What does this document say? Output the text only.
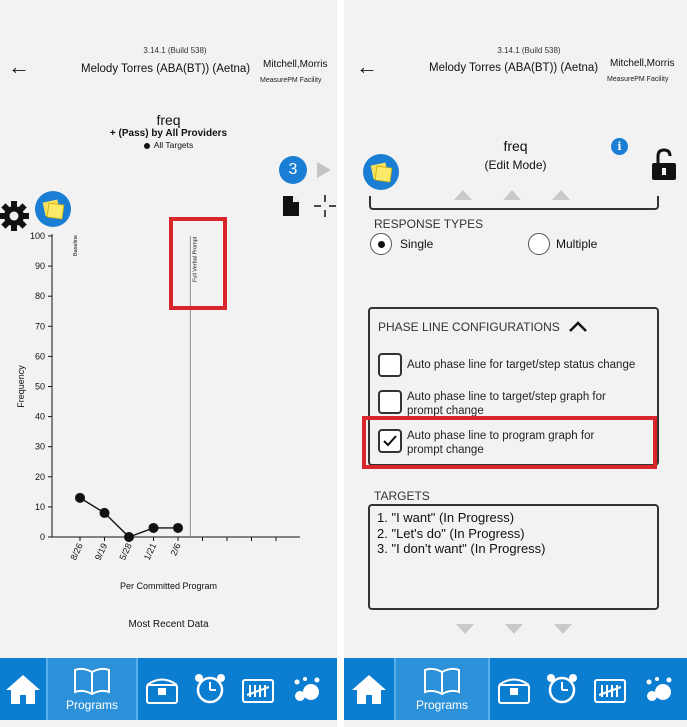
←
3.14.1 (Build 538)
Melody Torres (ABA(BT)) (Aetna) Mitchell,Morris
MeasurePM Facility
freq
+ (Pass) by All Providers
All Targets
3
0
10
20
30
40
50
60
70
80
90
100
Frequency
Baseline	Full Verbal Prompt
8/26 9/19 5/28 1/21 2/6
Per Committed Program
Most Recent Data
Programs
←
3.14.1 (Build 538)
Melody Torres (ABA(BT)) (Aetna) Mitchell,Morris
MeasurePM Facility
freq
(Edit Mode)
i
RESPONSE TYPES
Single	Multiple
PHASE LINE CONFIGURATIONS
Auto phase line for target/step status change
Auto phase line to target/step graph for prompt change
Auto phase line to program graph for prompt change
TARGETS
1. "I want" (In Progress)
2. "Let's do" (In Progress)
3. "I don't want" (In Progress)
Programs
